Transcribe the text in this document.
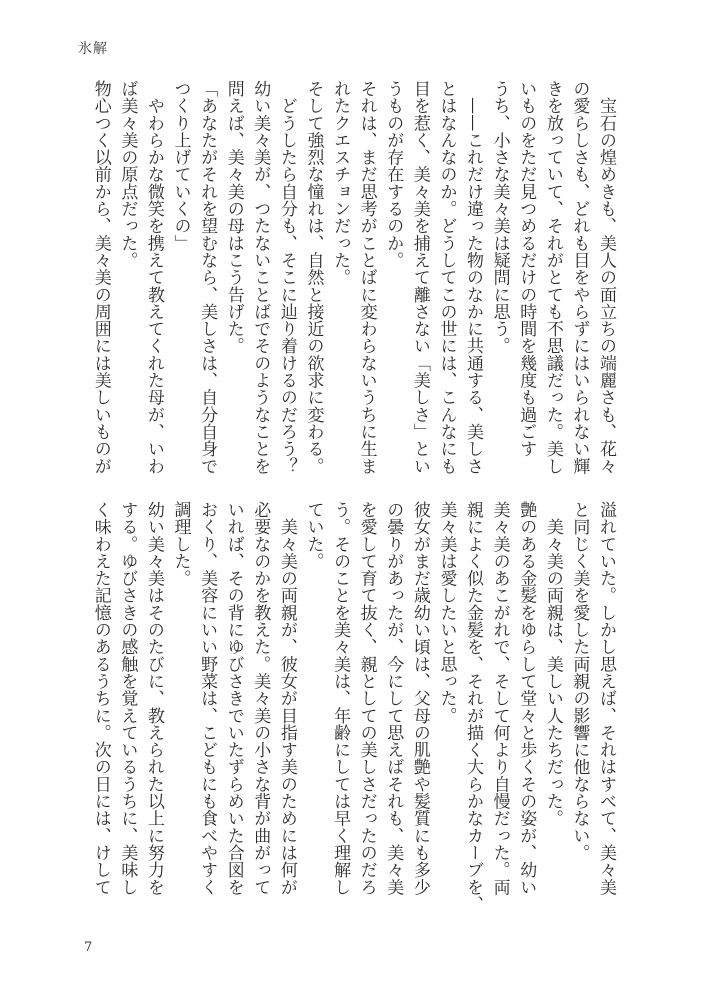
氷解
　宝石の煌めきも、美人の面立ちの端麗さも、花々
の愛らしさも、どれも目をやらずにはいられない輝
きを放っていて、それがとても不思議だった。美し
いものをただ見つめるだけの時間を幾度も過ごす
うち、小さな美々美は疑問に思う。
　——これだけ違った物のなかに共通する、美しさ
とはなんなのか。どうしてこの世には、こんなにも
目を惹く、美々美を捕えて離さない「美しさ」とい
うものが存在するのか。
それは、まだ思考がことばに変わらないうちに生ま
れたクエスチョンだった。
そして強烈な憧れは、自然と接近の欲求に変わる。
　どうしたら自分も、そこに辿り着けるのだろう？
幼い美々美が、つたないことばでそのようなことを
問えば、美々美の母はこう告げた。
「あなたがそれを望むなら、美しさは、自分自身で
つくり上げていくの」
　やわらかな微笑を携えて教えてくれた母が、いわ
ば美々美の原点だった。
物心つく以前から、美々美の周囲には美しいものが
溢れていた。しかし思えば、それはすべて、美々美
と同じく美を愛した両親の影響に他ならない。
　美々美の両親は、美しい人たちだった。
艶のある金髪をゆらして堂々と歩くその姿が、幼い
美々美のあこがれで、そして何より自慢だった。両
親によく似た金髪を、それが描く大らかなカーブを、
美々美は愛したいと思った。
彼女がまだ歳幼い頃は、父母の肌艶や髪質にも多少
の曇りがあったが、今にして思えばそれも、美々美
を愛して育て抜く、親としての美しさだったのだろ
う。そのことを美々美は、年齢にしては早く理解し
ていた。
　美々美の両親が、彼女が目指す美のためには何が
必要なのかを教えた。美々美の小さな背が曲がって
いれば、その背にゆびさきでいたずらめいた合図を
おくり、美容にいい野菜は、こどもにも食べやすく
調理した。
幼い美々美はそのたびに、教えられた以上に努力を
する。ゆびさきの感触を覚えているうちに、美味し
く味わえた記憶のあるうちに。次の日には、けして
7
